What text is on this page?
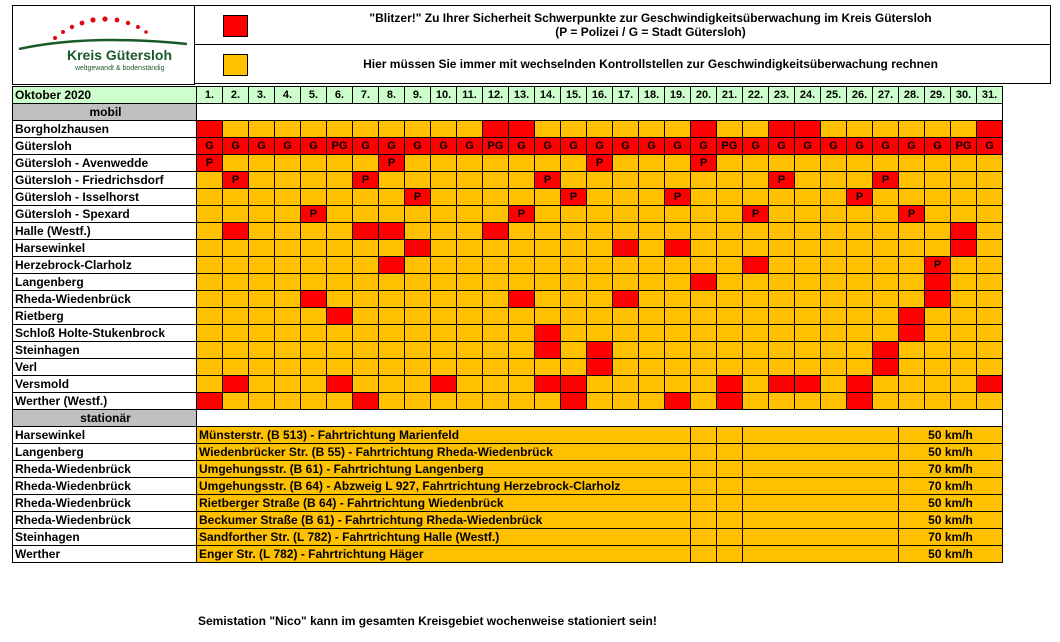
Kreis Gütersloh
weltgewandt & bodenständig
"Blitzer!" Zu Ihrer Sicherheit Schwerpunkte zur Geschwindigkeitsüberwachung im Kreis Gütersloh
(P = Polizei / G = Stadt Gütersloh)
Hier müssen Sie immer mit wechselnden Kontrollstellen zur Geschwindigkeitsüberwachung rechnen
Oktober 2020	1.	2.	3.	4.	5.	6.	7.	8.	9.	10.	11.	12.	13.	14.	15.	16.	17.	18.	19.	20.	21.	22.	23.	24.	25.	26.	27.	28.	29.	30.	31.
mobil																															
Borgholzhausen																															
Gütersloh	G	G	G	G	G	PG	G	G	G	G	G	PG	G	G	G	G	G	G	G	G	PG	G	G	G	G	G	G	G	G	PG	G
Gütersloh - Avenwedde	P							P								P				P											
Gütersloh - Friedrichsdorf		P					P							P									P				P				
Gütersloh - Isselhorst									P						P				P							P					
Gütersloh - Spexard					P								P									P						P			
Halle (Westf.)																															
Harsewinkel																															
Herzebrock-Clarholz																													P		
Langenberg																															
Rheda-Wiedenbrück																															
Rietberg																															
Schloß Holte-Stukenbrock																															
Steinhagen																															
Verl																															
Versmold																															
Werther (Westf.)																															
stationär																															
Harsewinkel	Münsterstr. (B 513) - Fahrtrichtung Marienfeld																											50 km/h			
Langenberg	Wiedenbrücker Str. (B 55) - Fahrtrichtung Rheda-Wiedenbrück																											50 km/h			
Rheda-Wiedenbrück	Umgehungsstr. (B 61) - Fahrtrichtung Langenberg																											70 km/h			
Rheda-Wiedenbrück	Umgehungsstr. (B 64) - Abzweig L 927, Fahrtrichtung Herzebrock-Clarholz																											70 km/h			
Rheda-Wiedenbrück	Rietberger Straße (B 64) - Fahrtrichtung Wiedenbrück																											50 km/h			
Rheda-Wiedenbrück	Beckumer Straße (B 61) - Fahrtrichtung Rheda-Wiedenbrück																											50 km/h			
Steinhagen	Sandforther Str. (L 782) - Fahrtrichtung Halle (Westf.)																											70 km/h			
Werther	Enger Str. (L 782) - Fahrtrichtung Häger																											50 km/h			
Semistation "Nico" kann im gesamten Kreisgebiet wochenweise stationiert sein!
